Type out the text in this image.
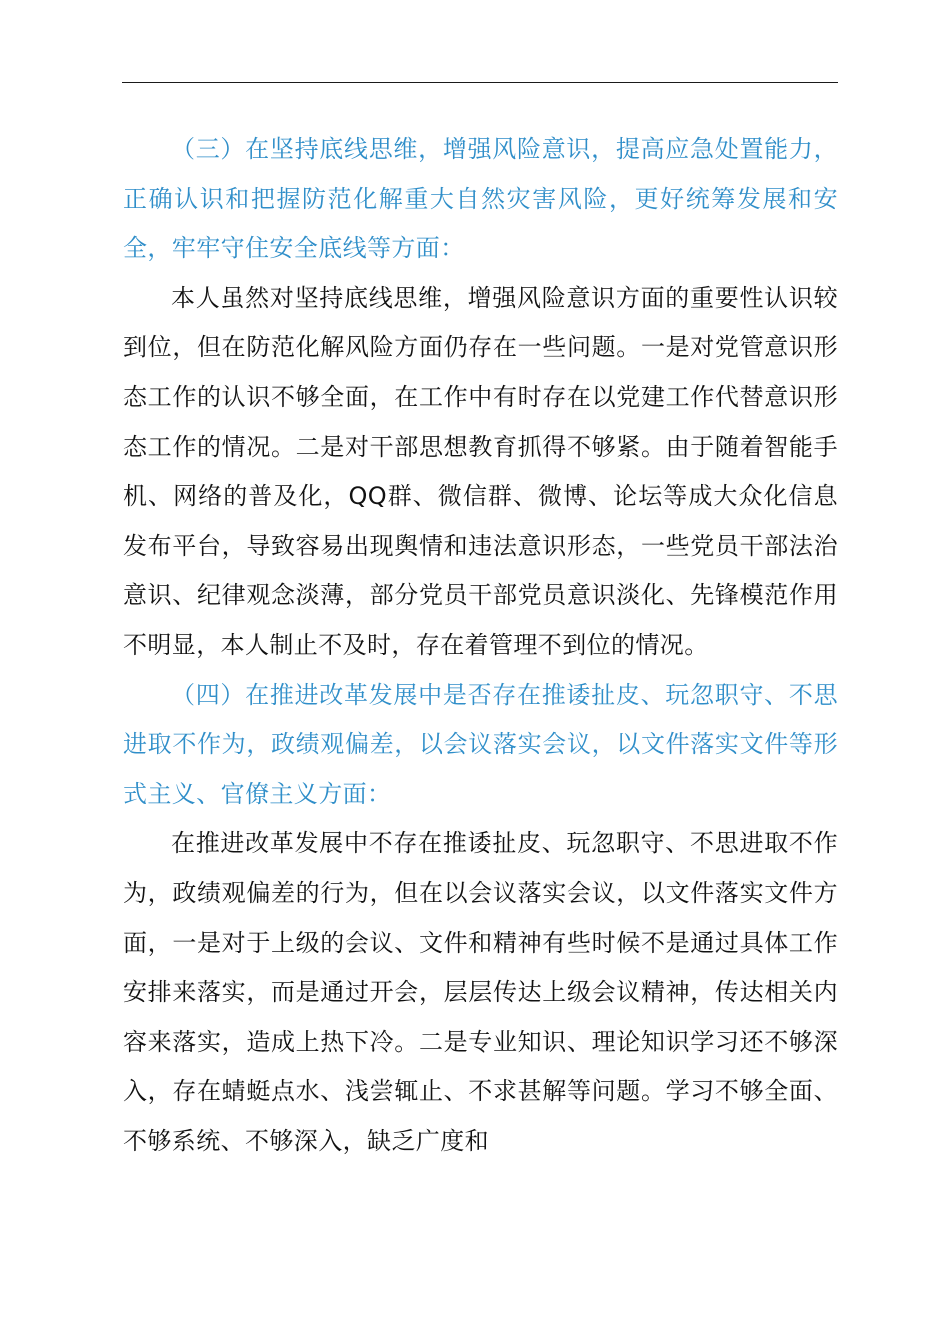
（三）在坚持底线思维，增强风险意识，提高应急处置能力，正确认识和把握防范化解重大自然灾害风险，更好统筹发展和安全，牢牢守住安全底线等方面：

本人虽然对坚持底线思维，增强风险意识方面的重要性认识较到位，但在防范化解风险方面仍存在一些问题。一是对党管意识形态工作的认识不够全面，在工作中有时存在以党建工作代替意识形态工作的情况。二是对干部思想教育抓得不够紧。由于随着智能手机、网络的普及化，QQ群、微信群、微博、论坛等成大众化信息发布平台，导致容易出现舆情和违法意识形态，一些党员干部法治意识、纪律观念淡薄，部分党员干部党员意识淡化、先锋模范作用不明显，本人制止不及时，存在着管理不到位的情况。

（四）在推进改革发展中是否存在推诿扯皮、玩忽职守、不思进取不作为，政绩观偏差，以会议落实会议，以文件落实文件等形式主义、官僚主义方面：

在推进改革发展中不存在推诿扯皮、玩忽职守、不思进取不作为，政绩观偏差的行为，但在以会议落实会议，以文件落实文件方面，一是对于上级的会议、文件和精神有些时候不是通过具体工作安排来落实，而是通过开会，层层传达上级会议精神，传达相关内容来落实，造成上热下冷。二是专业知识、理论知识学习还不够深入，存在蜻蜓点水、浅尝辄止、不求甚解等问题。学习不够全面、不够系统、不够深入，缺乏广度和
